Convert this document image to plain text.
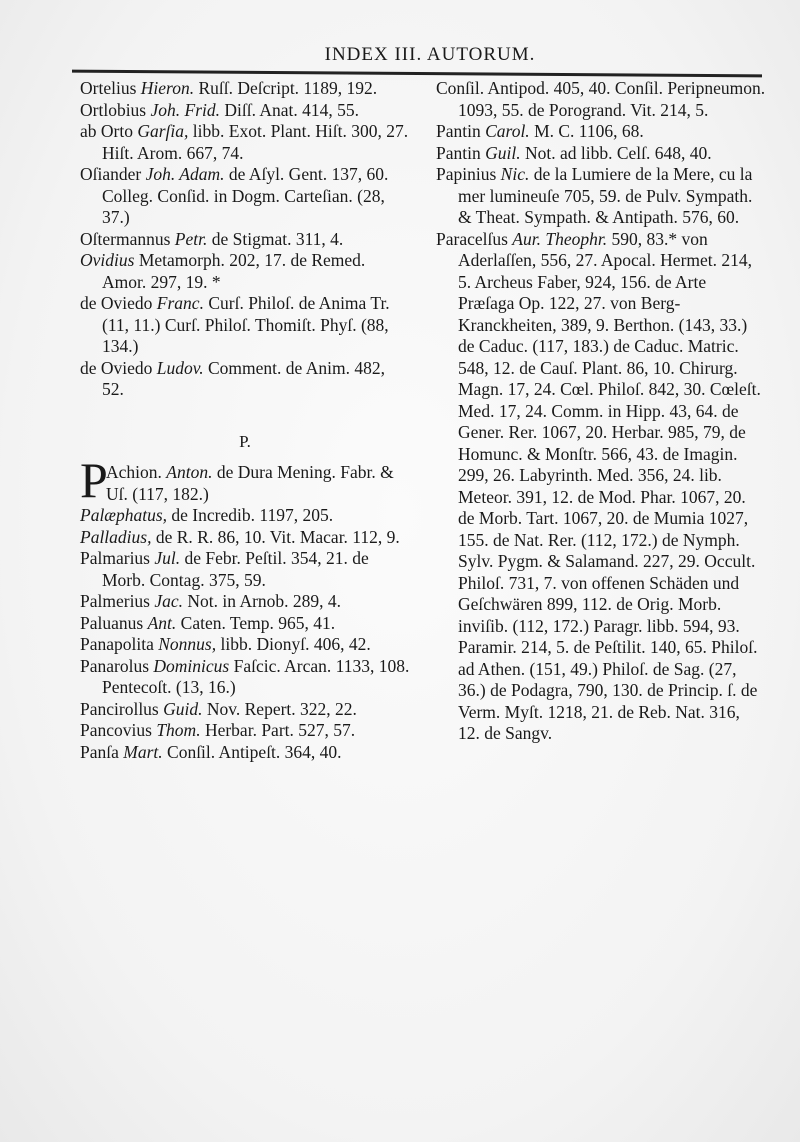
INDEX III. AUTORUM.
Ortelius Hieron. Ruſſ. Deſcript. 1189, 192.
Ortlobius Joh. Frid. Diſſ. Anat. 414, 55.
ab Orto Garſia, libb. Exot. Plant. Hiſt. 300, 27. Hiſt. Arom. 667, 74.
Oſiander Joh. Adam. de Aſyl. Gent. 137, 60. Colleg. Conſid. in Dogm. Carteſian. (28, 37.)
Oſtermannus Petr. de Stigmat. 311, 4.
Ovidius Metamorph. 202, 17. de Remed. Amor. 297, 19. *
de Oviedo Franc. Curſ. Philoſ. de Anima Tr. (11, 11.) Curſ. Philoſ. Thomiſt. Phyſ. (88, 134.)
de Oviedo Ludov. Comment. de Anim. 482, 52.
P.
P
Achion. Anton. de Dura Mening. Fabr. & Uſ. (117, 182.)
Palæphatus, de Incredib. 1197, 205.
Palladius, de R. R. 86, 10. Vit. Macar. 112, 9.
Palmarius Jul. de Febr. Peſtil. 354, 21. de Morb. Contag. 375, 59.
Palmerius Jac. Not. in Arnob. 289, 4.
Paluanus Ant. Caten. Temp. 965, 41.
Panapolita Nonnus, libb. Dionyſ. 406, 42.
Panarolus Dominicus Faſcic. Arcan. 1133, 108. Pentecoſt. (13, 16.)
Pancirollus Guid. Nov. Repert. 322, 22.
Pancovius Thom. Herbar. Part. 527, 57.
Panſa Mart. Conſil. Antipeſt. 364, 40.
Conſil. Antipod. 405, 40. Conſil. Peripneumon. 1093, 55. de Porogrand. Vit. 214, 5.
Pantin Carol. M. C. 1106, 68.
Pantin Guil. Not. ad libb. Celſ. 648, 40.
Papinius Nic. de la Lumiere de la Mere, cu la mer lumineuſe 705, 59. de Pulv. Sympath. & Theat. Sympath. & Antipath. 576, 60.
Paracelſus Aur. Theophr. 590, 83.* von Aderlaſſen, 556, 27. Apocal. Hermet. 214, 5. Archeus Faber, 924, 156. de Arte Præſaga Op. 122, 27. von Berg-Kranckheiten, 389, 9. Berthon. (143, 33.) de Caduc. (117, 183.) de Caduc. Matric. 548, 12. de Cauſ. Plant. 86, 10. Chirurg. Magn. 17, 24. Cœl. Philoſ. 842, 30. Cœleſt. Med. 17, 24. Comm. in Hipp. 43, 64. de Gener. Rer. 1067, 20. Herbar. 985, 79, de Homunc. & Monſtr. 566, 43. de Imagin. 299, 26. Labyrinth. Med. 356, 24. lib. Meteor. 391, 12. de Mod. Phar. 1067, 20. de Morb. Tart. 1067, 20. de Mumia 1027, 155. de Nat. Rer. (112, 172.) de Nymph. Sylv. Pygm. & Salamand. 227, 29. Occult. Philoſ. 731, 7. von offenen Schäden und Geſchwären 899, 112. de Orig. Morb. inviſib. (112, 172.) Paragr. libb. 594, 93. Paramir. 214, 5. de Peſtilit. 140, 65. Philoſ. ad Athen. (151, 49.) Philoſ. de Sag. (27, 36.) de Podagra, 790, 130. de Princip. ſ. de Verm. Myſt. 1218, 21. de Reb. Nat. 316, 12. de Sangv.
